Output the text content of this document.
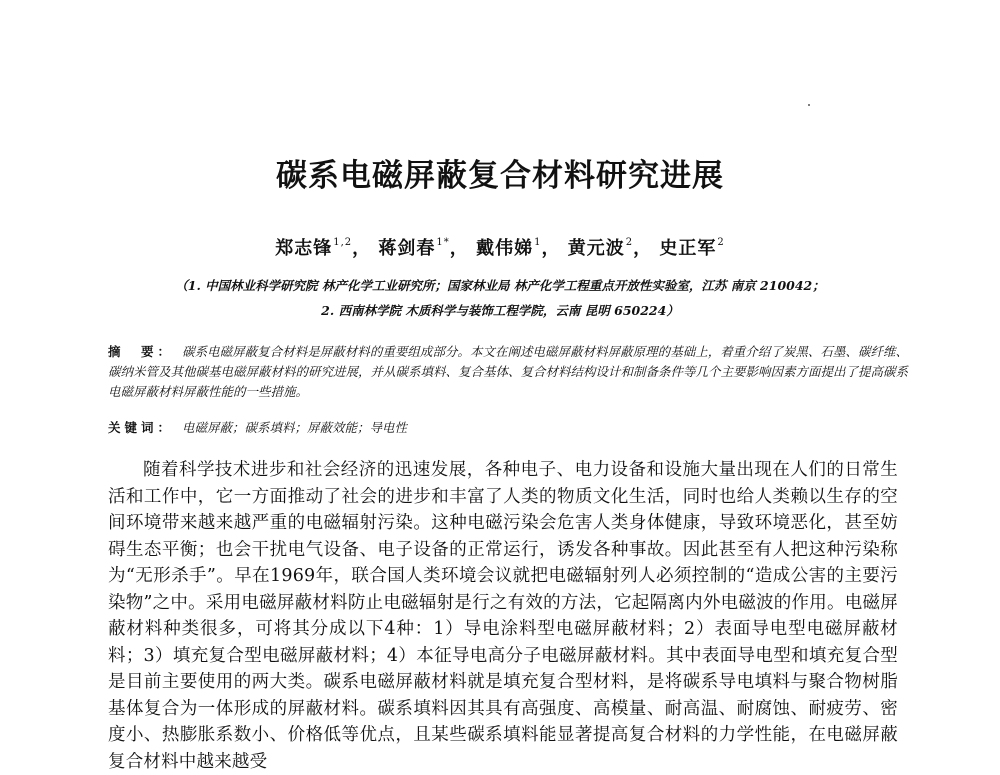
碳系电磁屏蔽复合材料研究进展
郑志锋$^{1,2}$， 蒋剑春$^{1*}$， 戴伟娣$^1$， 黄元波$^2$， 史正军$^2$
（1. 中国林业科学研究院 林产化学工业研究所；国家林业局 林产化学工程重点开放性实验室，江苏 南京 210042；
2. 西南林学院 木质科学与装饰工程学院，云南 昆明 650224）
摘　要： 碳系电磁屏蔽复合材料是屏蔽材料的重要组成部分。本文在阐述电磁屏蔽材料屏蔽原理的基础上，着重介绍了炭黑、石墨、碳纤维、碳纳米管及其他碳基电磁屏蔽材料的研究进展，并从碳系填料、复合基体、复合材料结构设计和制备条件等几个主要影响因素方面提出了提高碳系电磁屏蔽材料屏蔽性能的一些措施。
关键词： 电磁屏蔽；碳系填料；屏蔽效能；导电性
随着科学技术进步和社会经济的迅速发展，各种电子、电力设备和设施大量出现在人们的日常生活和工作中，它一方面推动了社会的进步和丰富了人类的物质文化生活，同时也给人类赖以生存的空间环境带来越来越严重的电磁辐射污染。这种电磁污染会危害人类身体健康，导致环境恶化，甚至妨碍生态平衡；也会干扰电气设备、电子设备的正常运行，诱发各种事故。因此甚至有人把这种污染称为“无形杀手”。早在1969年，联合国人类环境会议就把电磁辐射列人必须控制的“造成公害的主要污染物”之中。采用电磁屏蔽材料防止电磁辐射是行之有效的方法，它起隔离内外电磁波的作用。电磁屏蔽材料种类很多，可将其分成以下4种：1）导电涂料型电磁屏蔽材料；2）表面导电型电磁屏蔽材料；3）填充复合型电磁屏蔽材料；4）本征导电高分子电磁屏蔽材料。其中表面导电型和填充复合型是目前主要使用的两大类。碳系电磁屏蔽材料就是填充复合型材料，是将碳系导电填料与聚合物树脂基体复合为一体形成的屏蔽材料。碳系填料因其具有高强度、高模量、耐高温、耐腐蚀、耐疲劳、密度小、热膨胀系数小、价格低等优点，且某些碳系填料能显著提高复合材料的力学性能，在电磁屏蔽复合材料中越来越受
